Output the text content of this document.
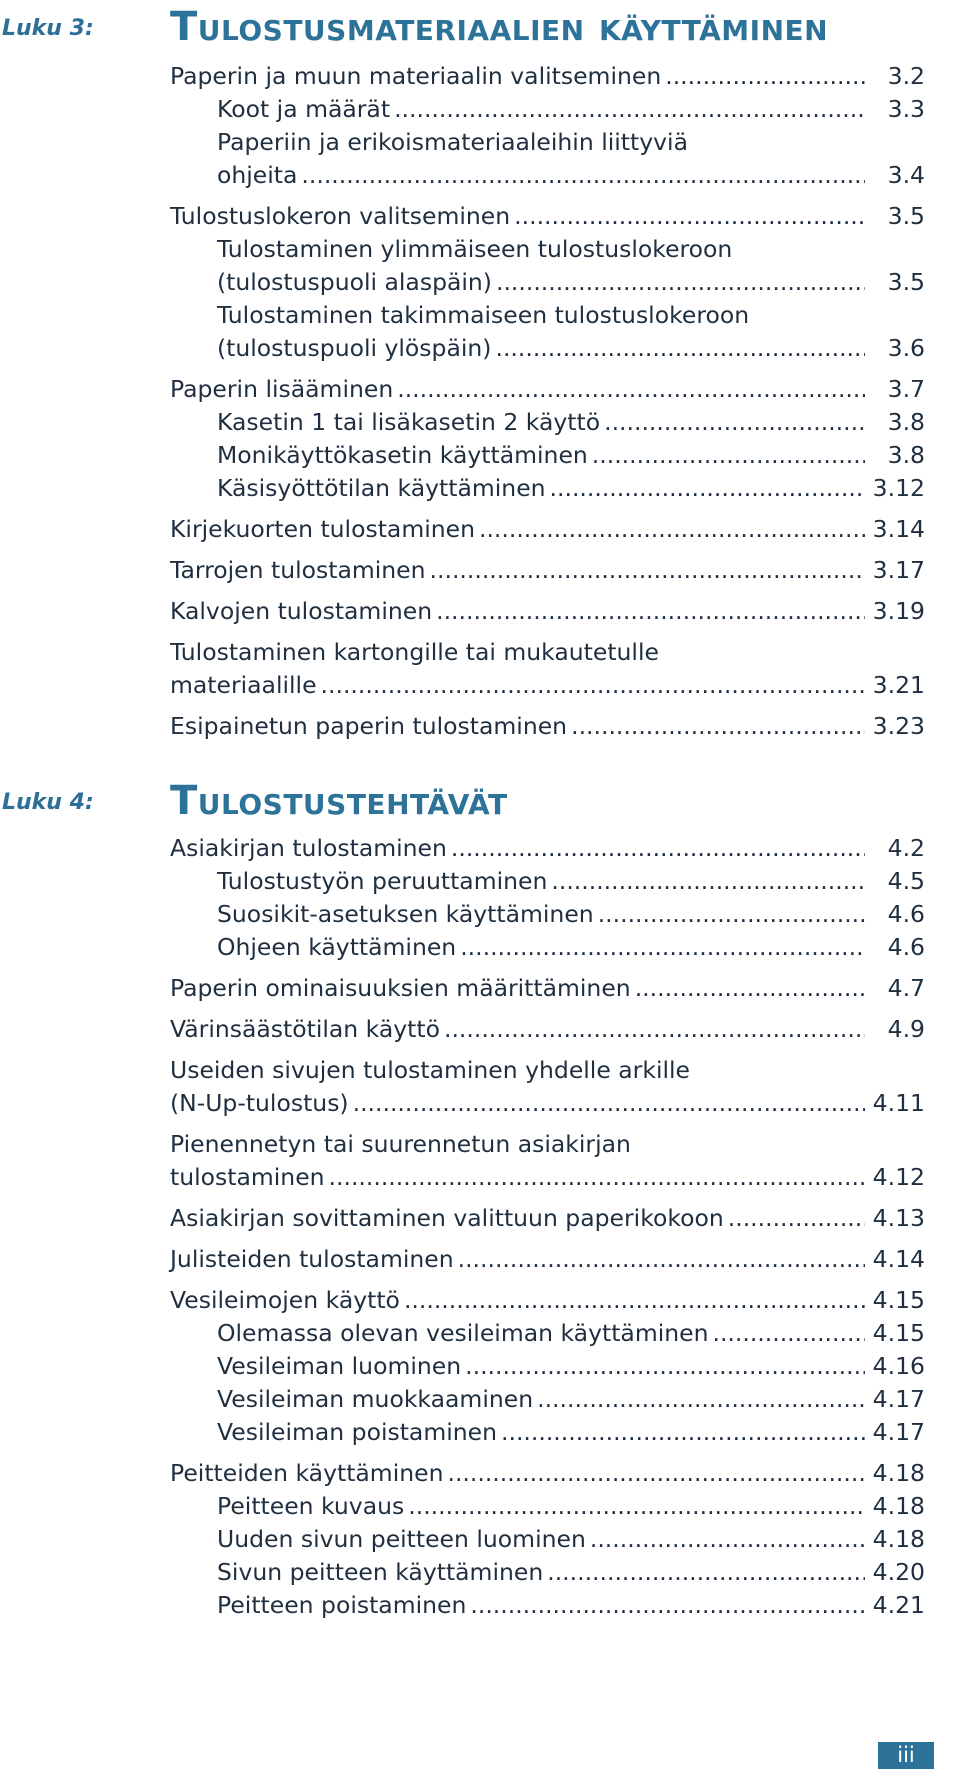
Luku 3: Tulostusmateriaalien käyttäminen
Paperin ja muun materiaalin valitseminen .....	3.2
Koot ja määrät .....	3.3
Paperiin ja erikoismateriaaleihin liittyviä
ohjeita .....	3.4
Tulostuslokeron valitseminen .....	3.5
Tulostaminen ylimmäiseen tulostuslokeroon
(tulostuspuoli alaspäin) .....	3.5
Tulostaminen takimmaiseen tulostuslokeroon
(tulostuspuoli ylöspäin) .....	3.6
Paperin lisääminen .....	3.7
Kasetin 1 tai lisäkasetin 2 käyttö .....	3.8
Monikäyttökasetin käyttäminen .....	3.8
Käsisyöttötilan käyttäminen .....	3.12
Kirjekuorten tulostaminen .....	3.14
Tarrojen tulostaminen .....	3.17
Kalvojen tulostaminen .....	3.19
Tulostaminen kartongille tai mukautetulle
materiaalille .....	3.21
Esipainetun paperin tulostaminen .....	3.23
Luku 4: Tulostustehtävät
Asiakirjan tulostaminen .....	4.2
Tulostustyön peruuttaminen .....	4.5
Suosikit-asetuksen käyttäminen .....	4.6
Ohjeen käyttäminen .....	4.6
Paperin ominaisuuksien määrittäminen .....	4.7
Värinsäästötilan käyttö .....	4.9
Useiden sivujen tulostaminen yhdelle arkille
(N-Up-tulostus) .....	4.11
Pienennetyn tai suurennetun asiakirjan
tulostaminen .....	4.12
Asiakirjan sovittaminen valittuun paperikokoon .....	4.13
Julisteiden tulostaminen .....	4.14
Vesileimojen käyttö .....	4.15
Olemassa olevan vesileiman käyttäminen .....	4.15
Vesileiman luominen .....	4.16
Vesileiman muokkaaminen .....	4.17
Vesileiman poistaminen .....	4.17
Peitteiden käyttäminen .....	4.18
Peitteen kuvaus .....	4.18
Uuden sivun peitteen luominen .....	4.18
Sivun peitteen käyttäminen .....	4.20
Peitteen poistaminen .....	4.21
iii
